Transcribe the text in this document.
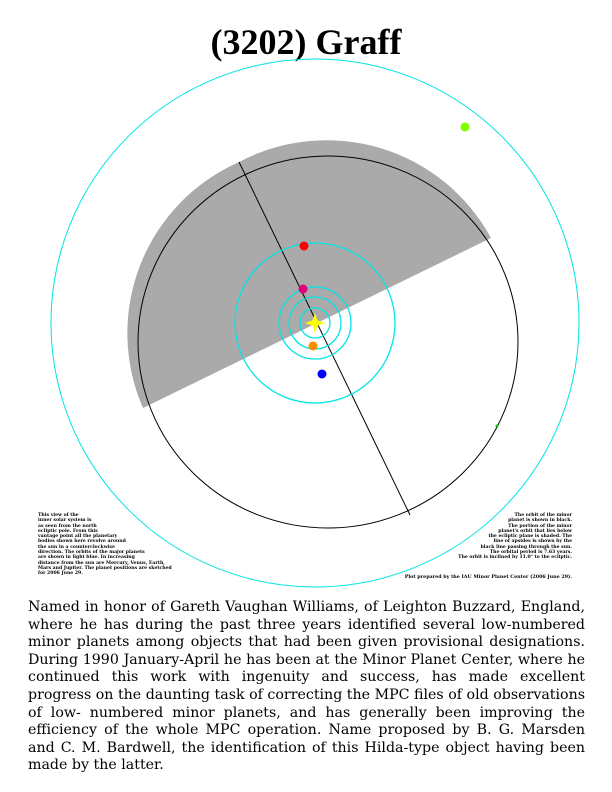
(3202) Graff
This view of the
inner solar system is
as seen from the north
ecliptic pole. From this
vantage point all the planetary
bodies shown here revolve around
the sun in a counterclockwise
direction. The orbits of the major planets
are shown in light blue. In increasing
distance from the sun are Mercury, Venus, Earth,
Mars and Jupiter. The planet positions are sketched
for 2006 June 29.
The orbit of the minor
planet is shown in black.
The portion of the minor
planet's orbit that lies below
the ecliptic plane is shaded. The
line of apsides is shown by the
black line passing through the sun.
The orbital period is 7.63 years.
The orbit is inclined by 11.0° to the ecliptic.
Plot prepared by the IAU Minor Planet Center (2006 June 29).

Named in honor of Gareth Vaughan Williams, of Leighton Buzzard, England, where he has during the past three years identified several low-numbered minor planets among objects that had been given provisional designations. During 1990 January-April he has been at the Minor Planet Center, where he continued this work with ingenuity and success, has made excellent progress on the daunting task of correcting the MPC files of old observations of low- numbered minor planets, and has generally been improving the efficiency of the whole MPC operation. Name proposed by B. G. Marsden and C. M. Bardwell, the identification of this Hilda-type object having been made by the latter.
